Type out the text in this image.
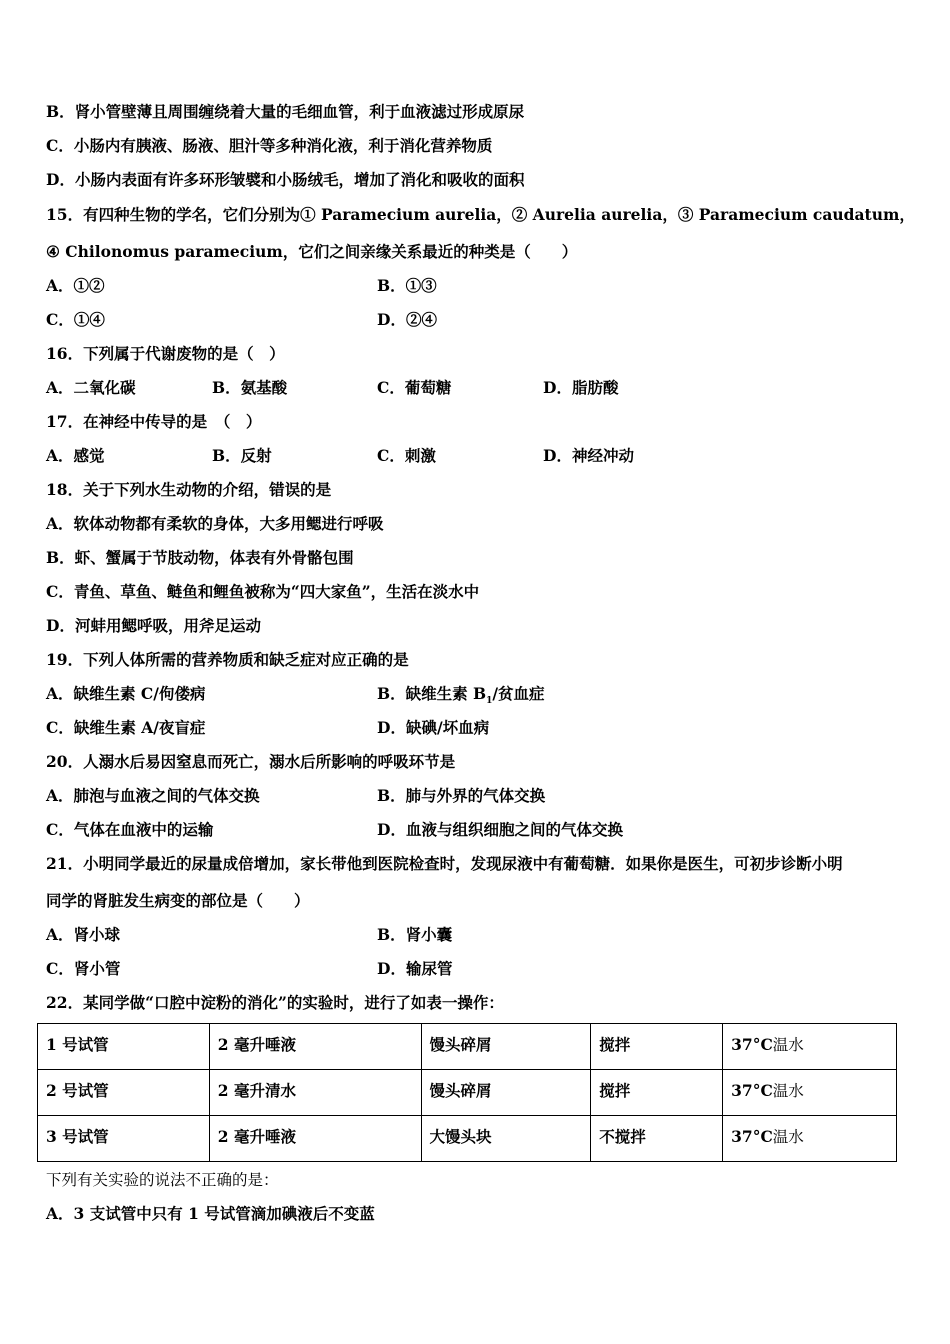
B．肾小管壁薄且周围缠绕着大量的毛细血管，利于血液滤过形成原尿
C．小肠内有胰液、肠液、胆汁等多种消化液，利于消化营养物质
D．小肠内表面有许多环形皱襞和小肠绒毛，增加了消化和吸收的面积
15．有四种生物的学名，它们分别为① Paramecium aurelia，② Aurelia aurelia，③ Paramecium caudatum，
④ Chilonomus paramecium，它们之间亲缘关系最近的种类是（　　）
A．①②	B．①③
C．①④	D．②④
16．下列属于代谢废物的是（　）
A．二氧化碳	B．氨基酸	C．葡萄糖	D．脂肪酸
17．在神经中传导的是　（　）
A．感觉	B．反射	C．刺激	D．神经冲动
18．关于下列水生动物的介绍，错误的是
A．软体动物都有柔软的身体，大多用鳃进行呼吸
B．虾、蟹属于节肢动物，体表有外骨骼包围
C．青鱼、草鱼、鲢鱼和鲤鱼被称为“四大家鱼”，生活在淡水中
D．河蚌用鳃呼吸，用斧足运动
19．下列人体所需的营养物质和缺乏症对应正确的是
A．缺维生素 C/佝偻病	B．缺维生素 $B_1/$贫血症
C．缺维生素 A/夜盲症	D．缺碘/坏血病
20．人溺水后易因窒息而死亡，溺水后所影响的呼吸环节是
A．肺泡与血液之间的气体交换	B．肺与外界的气体交换
C．气体在血液中的运输	D．血液与组织细胞之间的气体交换
21．小明同学最近的尿量成倍增加，家长带他到医院检查时，发现尿液中有葡萄糖．如果你是医生，可初步诊断小明
同学的肾脏发生病变的部位是（　　）
A．肾小球	B．肾小囊
C．肾小管	D．输尿管
22．某同学做“口腔中淀粉的消化”的实验时，进行了如表一操作：
1 号试管	2 毫升唾液	馒头碎屑	搅拌	37°C温水
2 号试管	2 毫升清水	馒头碎屑	搅拌	37°C温水
3 号试管	2 毫升唾液	大馒头块	不搅拌	37°C温水
下列有关实验的说法不正确的是：
A．3 支试管中只有 1 号试管滴加碘液后不变蓝
